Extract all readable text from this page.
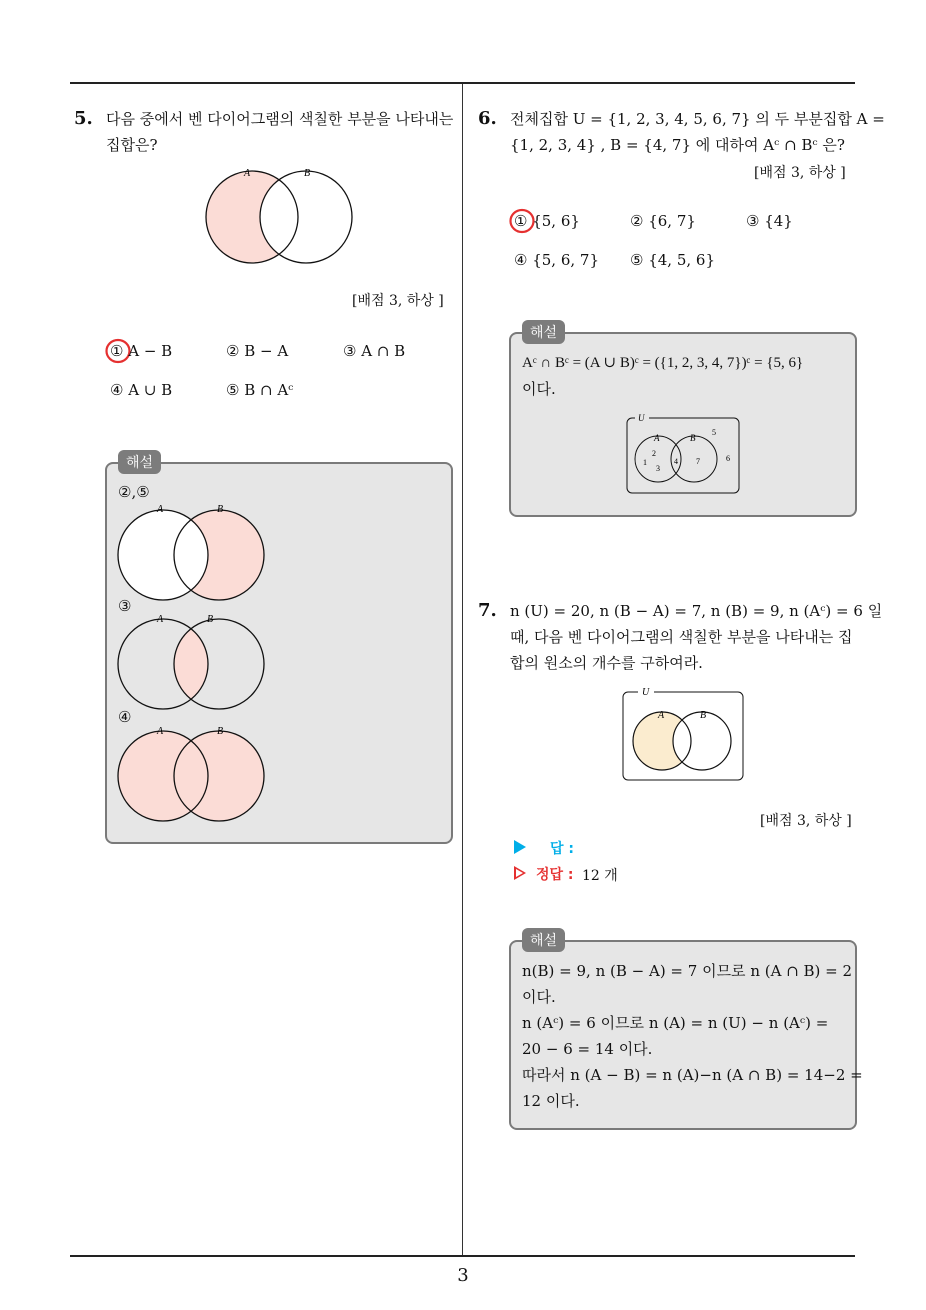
3
5. 다음 중에서 벤 다이어그램의 색칠한 부분을 나타내는
집합은?
A	B
[배점 3, 하상 ]
① A − B	② B − A	③ A ∩ B
④ A ∪ B	⑤ B ∩ Aᶜ
해설
②,⑤
A	B
③
A	B
④
A	B
6. 전체집합 U = {1, 2, 3, 4, 5, 6, 7} 의 두 부분집합 A =
{1, 2, 3, 4} , B = {4, 7} 에 대하여 Aᶜ ∩ Bᶜ 은?
[배점 3, 하상 ]
① {5, 6}	② {6, 7}	③ {4}
④ {5, 6, 7} ⑤ {4, 5, 6}
해설
Aᶜ ∩ Bᶜ = (A ∪ B)ᶜ = ({1, 2, 3, 4, 7})ᶜ = {5, 6}
이다.
U
A	B
2
1
3
4 7
5
6
7. n (U) = 20, n (B − A) = 7, n (B) = 9, n (Aᶜ) = 6 일
때, 다음 벤 다이어그램의 색칠한 부분을 나타내는 집
합의 원소의 개수를 구하여라.
U
A	B
[배점 3, 하상 ]
답 :
정답 : 12 개
해설
n(B) = 9, n (B − A) = 7 이므로 n (A ∩ B) = 2
이다.
n (Aᶜ) = 6 이므로 n (A) = n (U) − n (Aᶜ) =
20 − 6 = 14 이다.
따라서 n (A − B) = n (A)−n (A ∩ B) = 14−2 =
12 이다.
